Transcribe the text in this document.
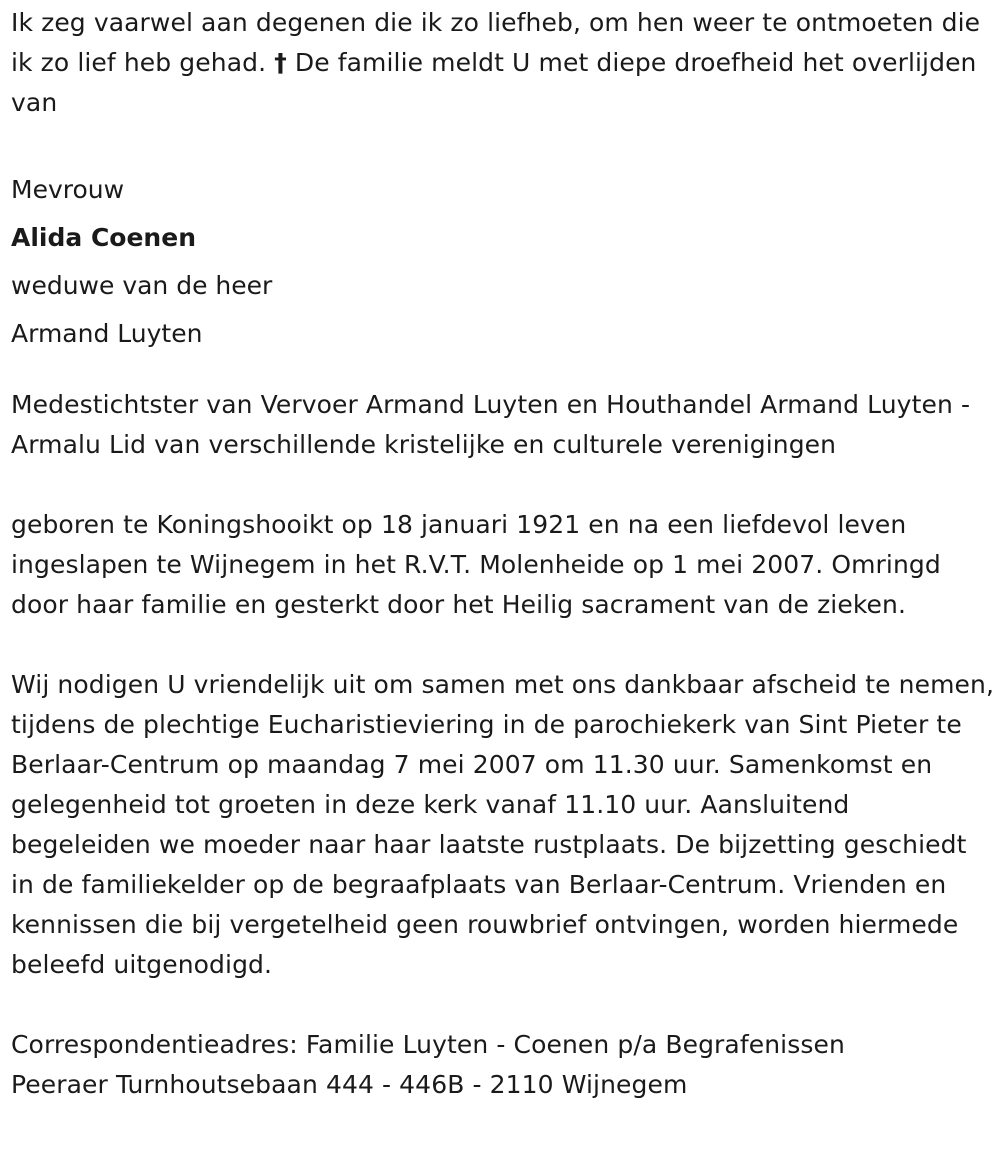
Ik zeg vaarwel aan degenen die ik zo liefheb, om hen weer te ontmoeten die ik zo lief heb gehad. † De familie meldt U met diepe droefheid het overlijden van

Mevrouw

Alida Coenen

weduwe van de heer

Armand Luyten

Medestichtster van Vervoer Armand Luyten en Houthandel Armand Luyten - Armalu Lid van verschillende kristelijke en culturele verenigingen

geboren te Koningshooikt op 18 januari 1921 en na een liefdevol leven ingeslapen te Wijnegem in het R.V.T. Molenheide op 1 mei 2007. Omringd door haar familie en gesterkt door het Heilig sacrament van de zieken.

Wij nodigen U vriendelijk uit om samen met ons dankbaar afscheid te nemen, tijdens de plechtige Eucharistieviering in de parochiekerk van Sint Pieter te Berlaar-Centrum op maandag 7 mei 2007 om 11.30 uur. Samenkomst en gelegenheid tot groeten in deze kerk vanaf 11.10 uur. Aansluitend begeleiden we moeder naar haar laatste rustplaats. De bijzetting geschiedt in de familiekelder op de begraafplaats van Berlaar-Centrum. Vrienden en kennissen die bij vergetelheid geen rouwbrief ontvingen, worden hiermede beleefd uitgenodigd.

Correspondentieadres: Familie Luyten - Coenen p/a Begrafenissen Peeraer Turnhoutsebaan 444 - 446B - 2110 Wijnegem
